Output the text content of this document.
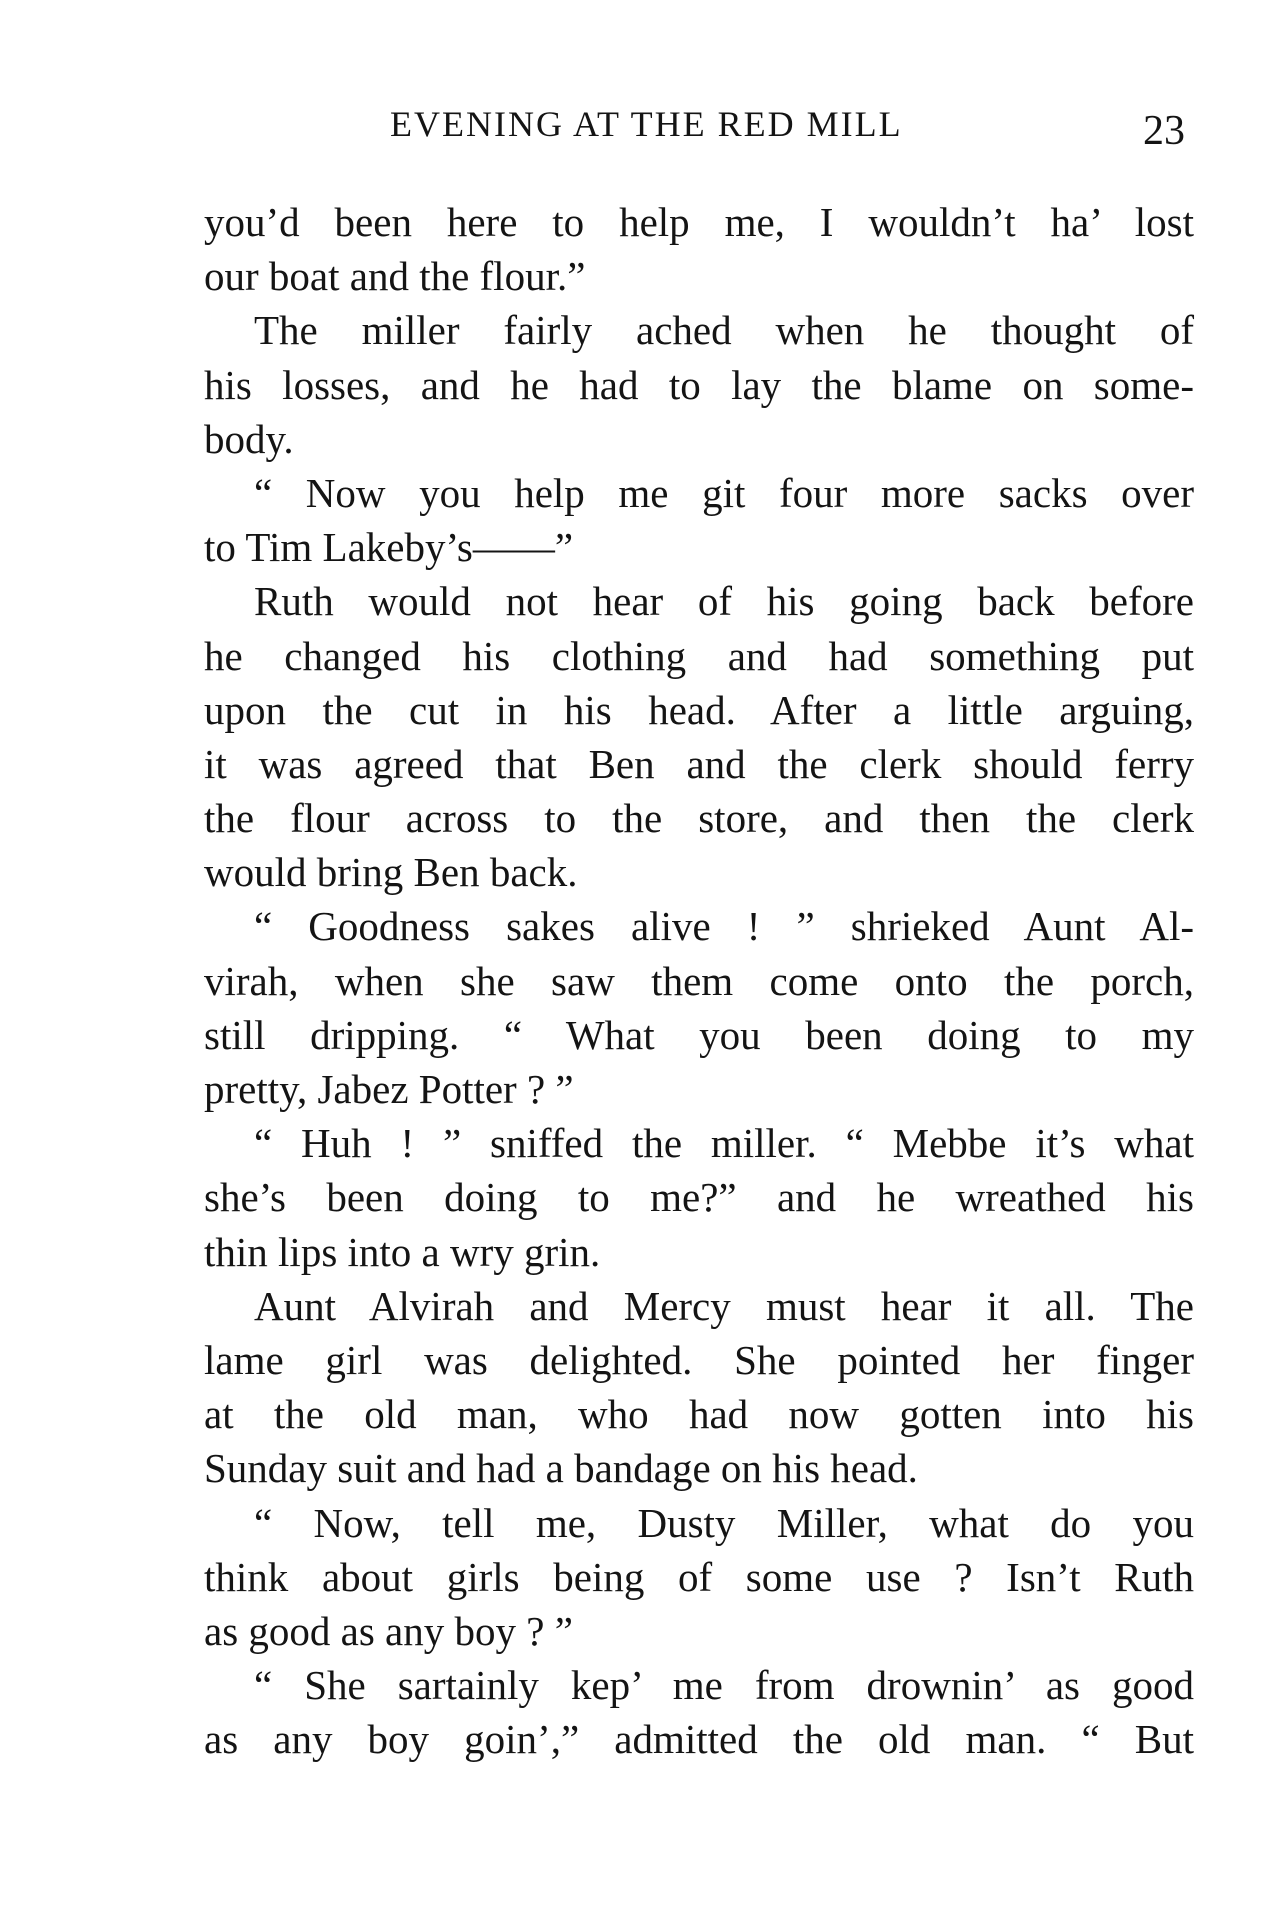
EVENING AT THE RED MILL	23
you’d been here to help me, I wouldn’t ha’ lost
our boat and the flour.”
The miller fairly ached when he thought of
his losses, and he had to lay the blame on some-
body.
“ Now you help me git four more sacks over
to Tim Lakeby’s——”
Ruth would not hear of his going back before
he changed his clothing and had something put
upon the cut in his head. After a little arguing,
it was agreed that Ben and the clerk should ferry
the flour across to the store, and then the clerk
would bring Ben back.
“ Goodness sakes alive ! ” shrieked Aunt Al-
virah, when she saw them come onto the porch,
still dripping. “ What you been doing to my
pretty, Jabez Potter ? ”
“ Huh ! ” sniffed the miller. “ Mebbe it’s what
she’s been doing to me?” and he wreathed his
thin lips into a wry grin.
Aunt Alvirah and Mercy must hear it all. The
lame girl was delighted. She pointed her finger
at the old man, who had now gotten into his
Sunday suit and had a bandage on his head.
“ Now, tell me, Dusty Miller, what do you
think about girls being of some use ? Isn’t Ruth
as good as any boy ? ”
“ She sartainly kep’ me from drownin’ as good
as any boy goin’,” admitted the old man. “ But
